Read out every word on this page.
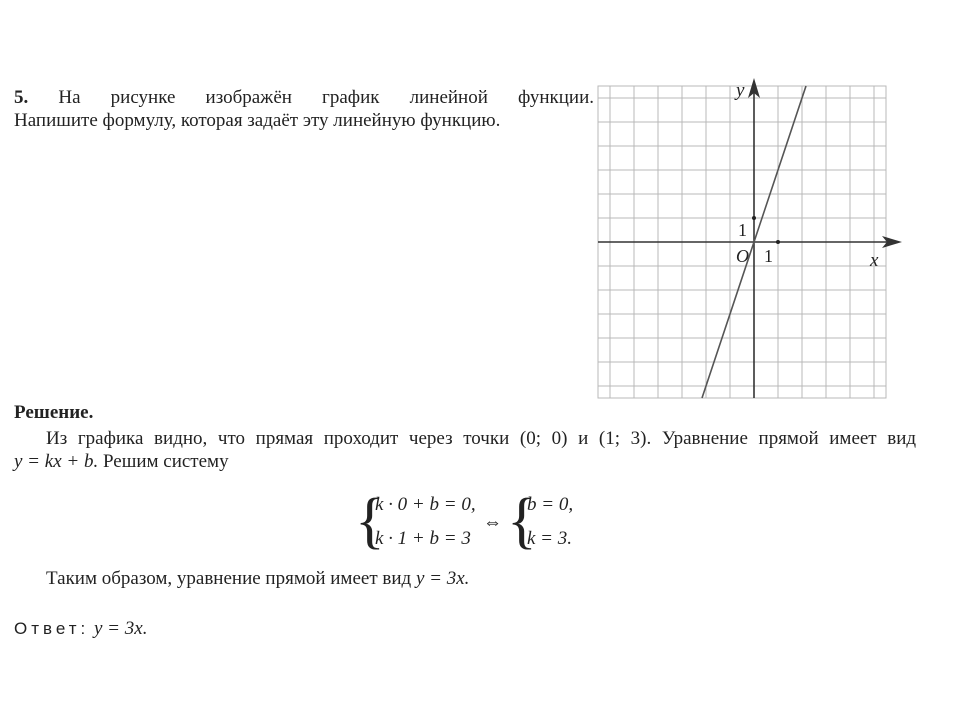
5. На рисунке изображён график линейной функции.

Напишите формулу, которая задаёт эту линейную функцию.

y
x
O 1
1
Решение.

Из графика видно, что прямая проходит через точки (0; 0) и (1; 3). Уравнение прямой имеет вид

y = kx + b. Решим систему

{
k · 0 + b = 0,
k · 1 + b = 3
⇔ {
b = 0,
k = 3.
Таким образом, уравнение прямой имеет вид y = 3x.
Ответ: y = 3x.
